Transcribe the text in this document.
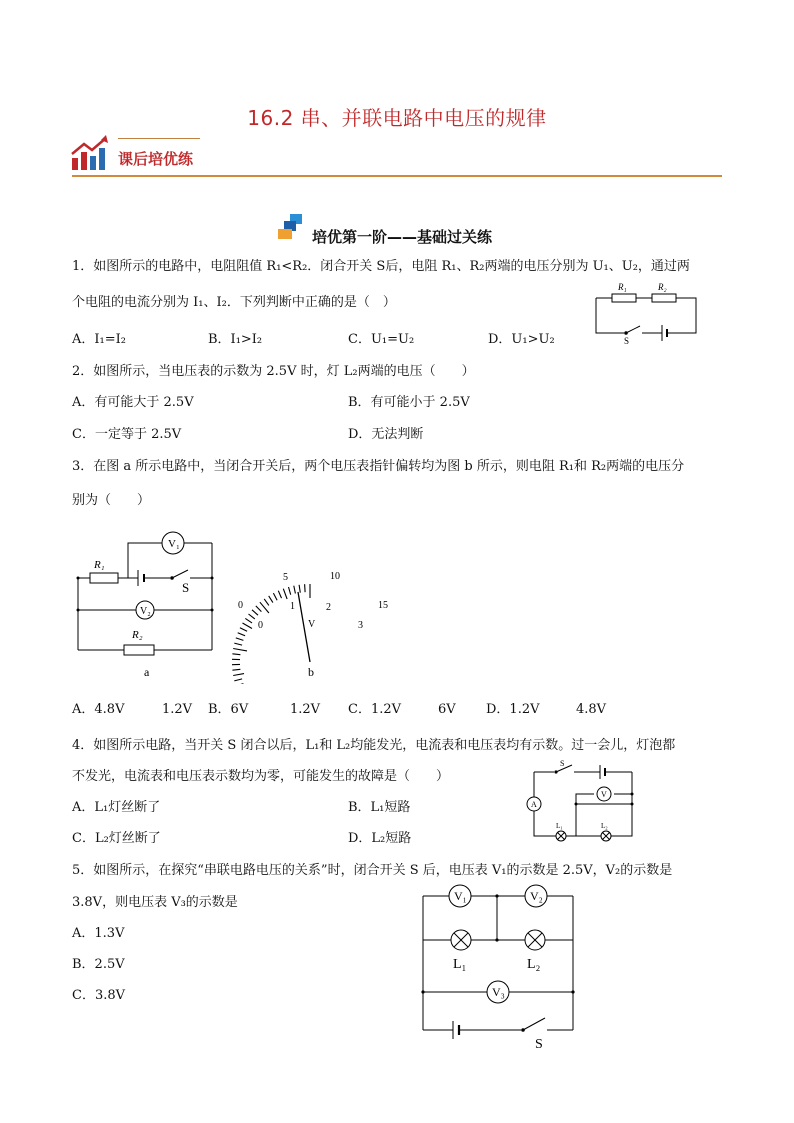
16.2 串、并联电路中电压的规律
课后培优练
培优第一阶——基础过关练
1．如图所示的电路中，电阻阻值 R₁<R₂．闭合开关 S后，电阻 R₁、R₂两端的电压分别为 U₁、U₂，通过两
个电阻的电流分别为 I₁、I₂．下列判断中正确的是（　）
A．I₁=I₂	B．I₁>I₂	C．U₁=U₂	D．U₁>U₂
R₁	R₂
S
2．如图所示，当电压表的示数为 2.5V 时，灯 L₂两端的电压（　　）
A．有可能大于 2.5V	B．有可能小于 2.5V
C．一定等于 2.5V	D．无法判断
3．在图 a 所示电路中，当闭合开关后，两个电压表指针偏转均为图 b 所示，则电阻 R₁和 R₂两端的电压分
别为（　　）
V₁
V₂
R₁
R₂
S
a
0
5	10
15
0
1	2
3
V
b
A．4.8V	1.2V B．6V	1.2V C．1.2V	6V D．1.2V	4.8V
4．如图所示电路，当开关 S 闭合以后，L₁和 L₂均能发光，电流表和电压表均有示数。过一会儿，灯泡都
不发光，电流表和电压表示数均为零，可能发生的故障是（　　）
A．L₁灯丝断了	B．L₁短路
C．L₂灯丝断了	D．L₂短路
S
A
V
L₁	L₂
5．如图所示，在探究“串联电路电压的关系”时，闭合开关 S 后，电压表 V₁的示数是 2.5V，V₂的示数是
3.8V，则电压表 V₃的示数是
A．1.3V
B．2.5V
C．3.8V
V₁	V₂
V₃
L₁	L₂
S
